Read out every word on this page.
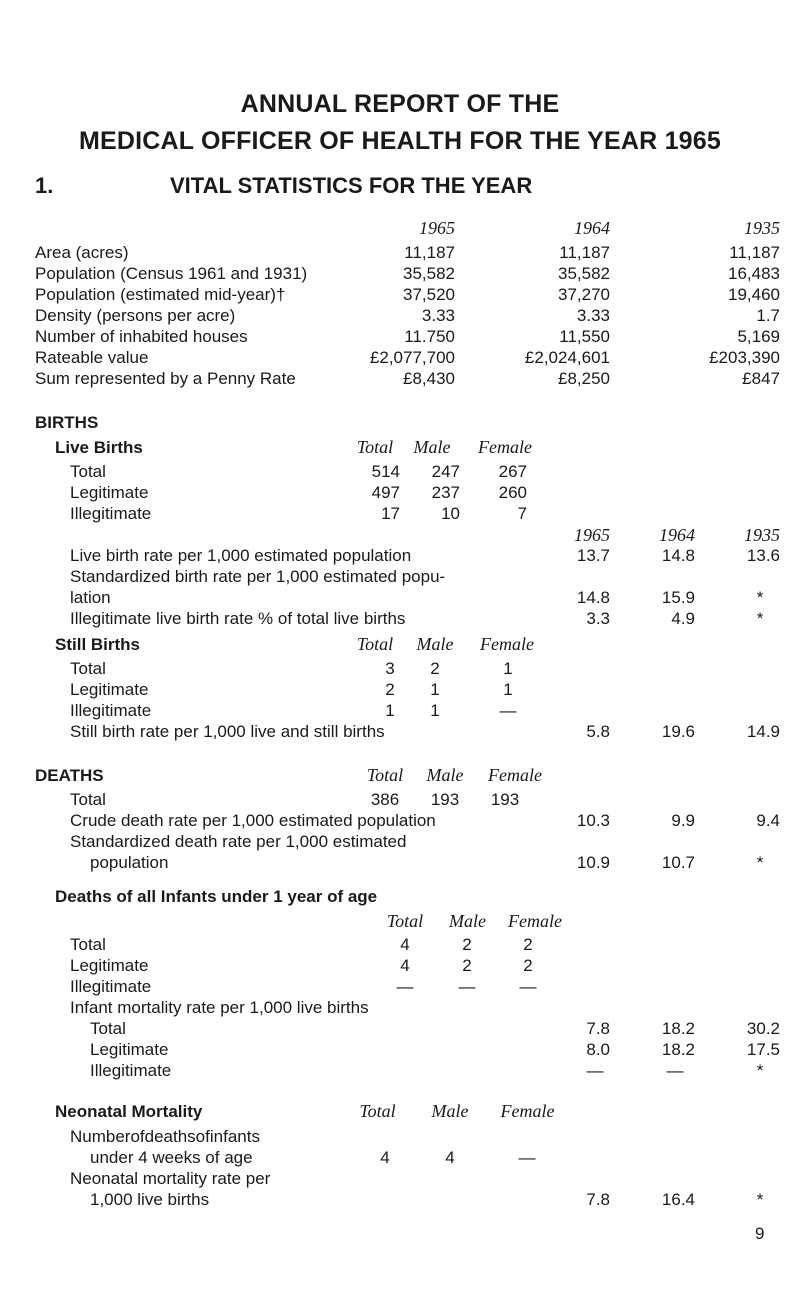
ANNUAL REPORT OF THE
MEDICAL OFFICER OF HEALTH FOR THE YEAR 1965
1.	VITAL STATISTICS FOR THE YEAR
1965	1964	1935
Area (acres)	11,187	11,187	11,187
Population (Census 1961 and 1931)	35,582	35,582	16,483
Population (estimated mid-year)†	37,520	37,270	19,460
Density (persons per acre)	3.33	3.33	1.7
Number of inhabited houses	11.750	11,550	5,169
Rateable value	£2,077,700	£2,024,601	£203,390
Sum represented by a Penny Rate	£8,430	£8,250	£847
BIRTHS
Live Births	Total	Male	Female
Total	514	247	267
Legitimate	497	237	260
Illegitimate	17	10	7
1965	1964	1935
Live birth rate per 1,000 estimated population	13.7	14.8	13.6
Standardized birth rate per 1,000 estimated popu-
lation	14.8	15.9	*
Illegitimate live birth rate % of total live births	3.3	4.9	*
Still Births	Total	Male	Female
Total	3	2	1
Legitimate	2	1	1
Illegitimate	1	1	—
Still birth rate per 1,000 live and still births	5.8	19.6	14.9
DEATHS	Total	Male	Female
Total	386	193	193
Crude death rate per 1,000 estimated population	10.3	9.9	9.4
Standardized death rate per 1,000 estimated
population	10.9	10.7	*
Deaths of all Infants under 1 year of age
Total	Male	Female
Total	4	2	2
Legitimate	4	2	2
Illegitimate	—	—	—
Infant mortality rate per 1,000 live births
Total	7.8	18.2	30.2
Legitimate	8.0	18.2	17.5
Illegitimate	—	—	*
Neonatal Mortality	Total	Male	Female
Numberofdeathsofinfants
under 4 weeks of age	4	4	—
Neonatal mortality rate per
1,000 live births	7.8	16.4	*
9
